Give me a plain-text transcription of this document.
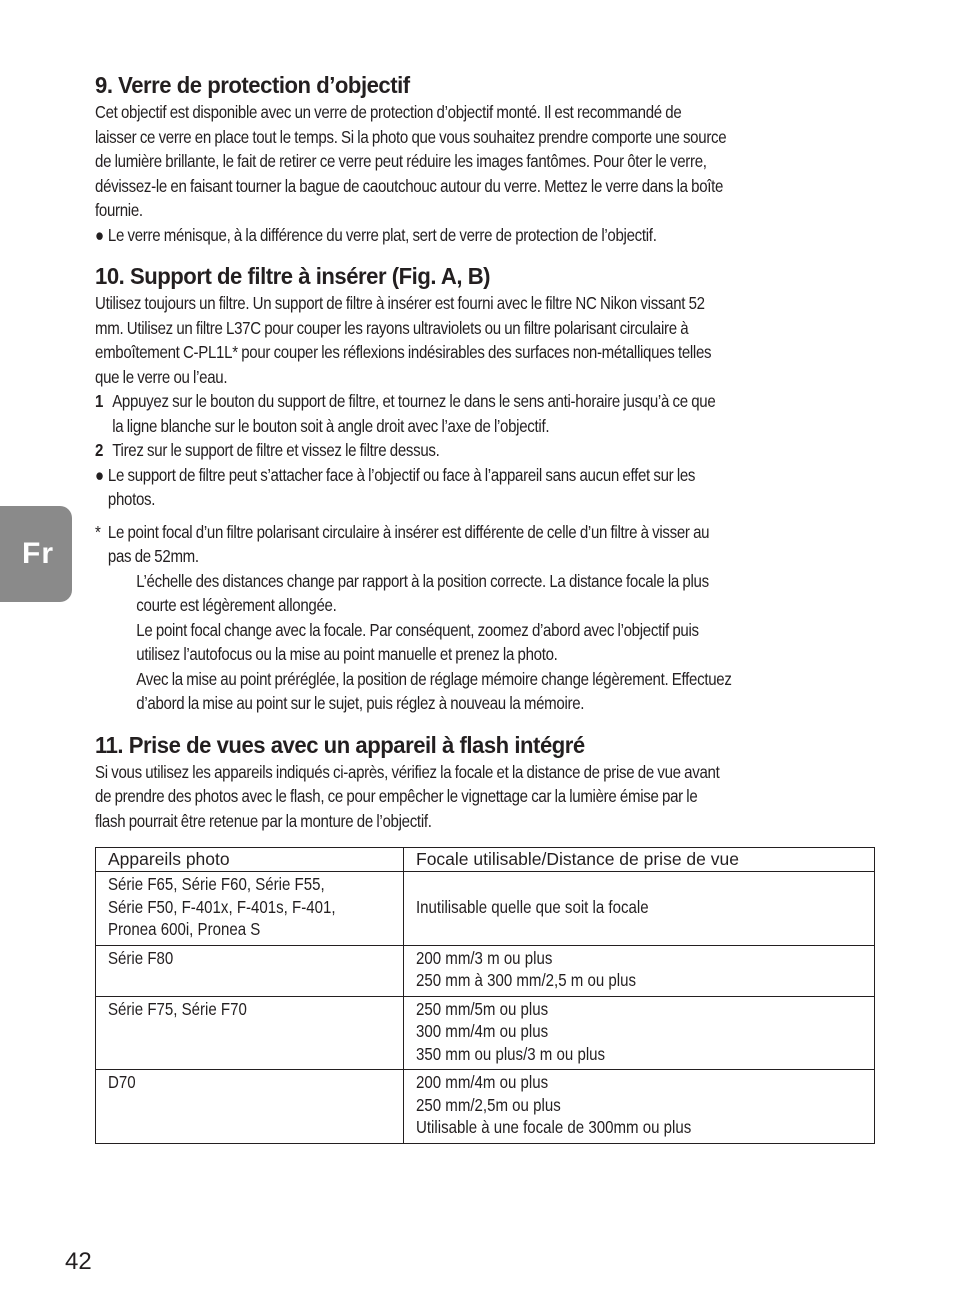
Fr
9. Verre de protection d’objectif

Cet objectif est disponible avec un verre de protection d’objectif monté. Il est recommandé de
laisser ce verre en place tout le temps. Si la photo que vous souhaitez prendre comporte une source
de lumière brillante, le fait de retirer ce verre peut réduire les images fantômes. Pour ôter le verre,
dévissez-le en faisant tourner la bague de caoutchouc autour du verre. Mettez le verre dans la boîte
fournie.

● Le verre ménisque, à la différence du verre plat, sert de verre de protection de l’objectif.

10. Support de filtre à insérer (Fig. A, B)

Utilisez toujours un filtre. Un support de filtre à insérer est fourni avec le filtre NC Nikon vissant 52
mm. Utilisez un filtre L37C pour couper les rayons ultraviolets ou un filtre polarisant circulaire à
emboîtement C-PL1L* pour couper les réflexions indésirables des surfaces non-métalliques telles
que le verre ou l’eau.

1 Appuyez sur le bouton du support de filtre, et tournez le dans le sens anti-horaire jusqu’à ce que
la ligne blanche sur le bouton soit à angle droit avec l’axe de l’objectif.

2 Tirez sur le support de filtre et vissez le filtre dessus.

● Le support de filtre peut s’attacher face à l’objectif ou face à l’appareil sans aucun effet sur les
photos.

* Le point focal d’un filtre polarisant circulaire à insérer est différente de celle d’un filtre à visser au
pas de 52mm.

L’échelle des distances change par rapport à la position correcte. La distance focale la plus
courte est légèrement allongée.
Le point focal change avec la focale. Par conséquent, zoomez d’abord avec l’objectif puis
utilisez l’autofocus ou la mise au point manuelle et prenez la photo.
Avec la mise au point préréglée, la position de réglage mémoire change légèrement. Effectuez
d’abord la mise au point sur le sujet, puis réglez à nouveau la mémoire.

11. Prise de vues avec un appareil à flash intégré

Si vous utilisez les appareils indiqués ci-après, vérifiez la focale et la distance de prise de vue avant
de prendre des photos avec le flash, ce pour empêcher le vignettage car la lumière émise par le
flash pourrait être retenue par la monture de l’objectif.

Appareils photo	Focale utilisable/Distance de prise de vue

Série F65, Série F60, Série F55,
Série F50, F-401x, F-401s, F-401,
Pronea 600i, Pronea S	Inutilisable quelle que soit la focale

Série F80	200 mm/3 m ou plus
250 mm à 300 mm/2,5 m ou plus

Série F75, Série F70	250 mm/5m ou plus
300 mm/4m ou plus
350 mm ou plus/3 m ou plus

D70	200 mm/4m ou plus
250 mm/2,5m ou plus
Utilisable à une focale de 300mm ou plus
42
